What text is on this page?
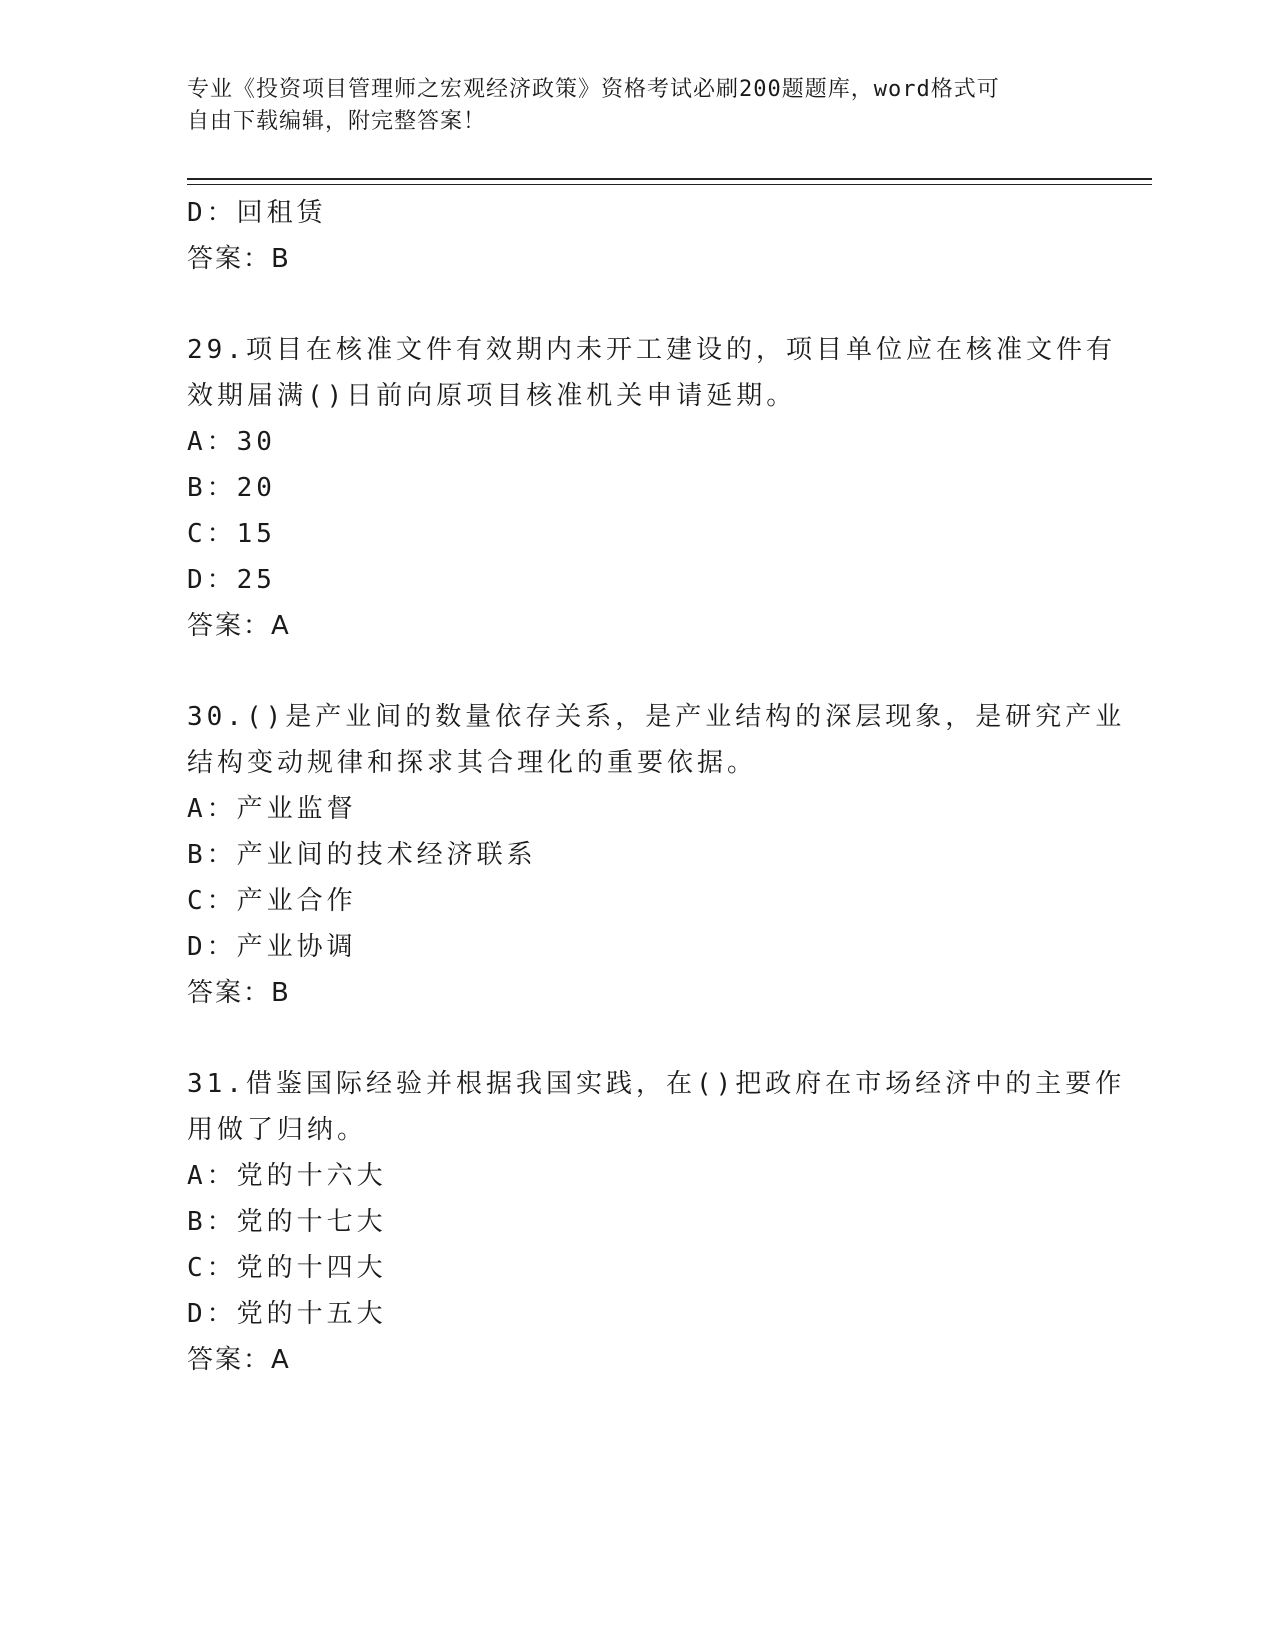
专业《投资项目管理师之宏观经济政策》资格考试必刷200题题库，word格式可
自由下载编辑，附完整答案！
D：回租赁
答案：B
29.项目在核准文件有效期内未开工建设的，项目单位应在核准文件有
效期届满()日前向原项目核准机关申请延期。
A：30
B：20
C：15
D：25
答案：A
30.()是产业间的数量依存关系，是产业结构的深层现象，是研究产业
结构变动规律和探求其合理化的重要依据。
A：产业监督
B：产业间的技术经济联系
C：产业合作
D：产业协调
答案：B
31.借鉴国际经验并根据我国实践，在()把政府在市场经济中的主要作
用做了归纳。
A：党的十六大
B：党的十七大
C：党的十四大
D：党的十五大
答案：A
